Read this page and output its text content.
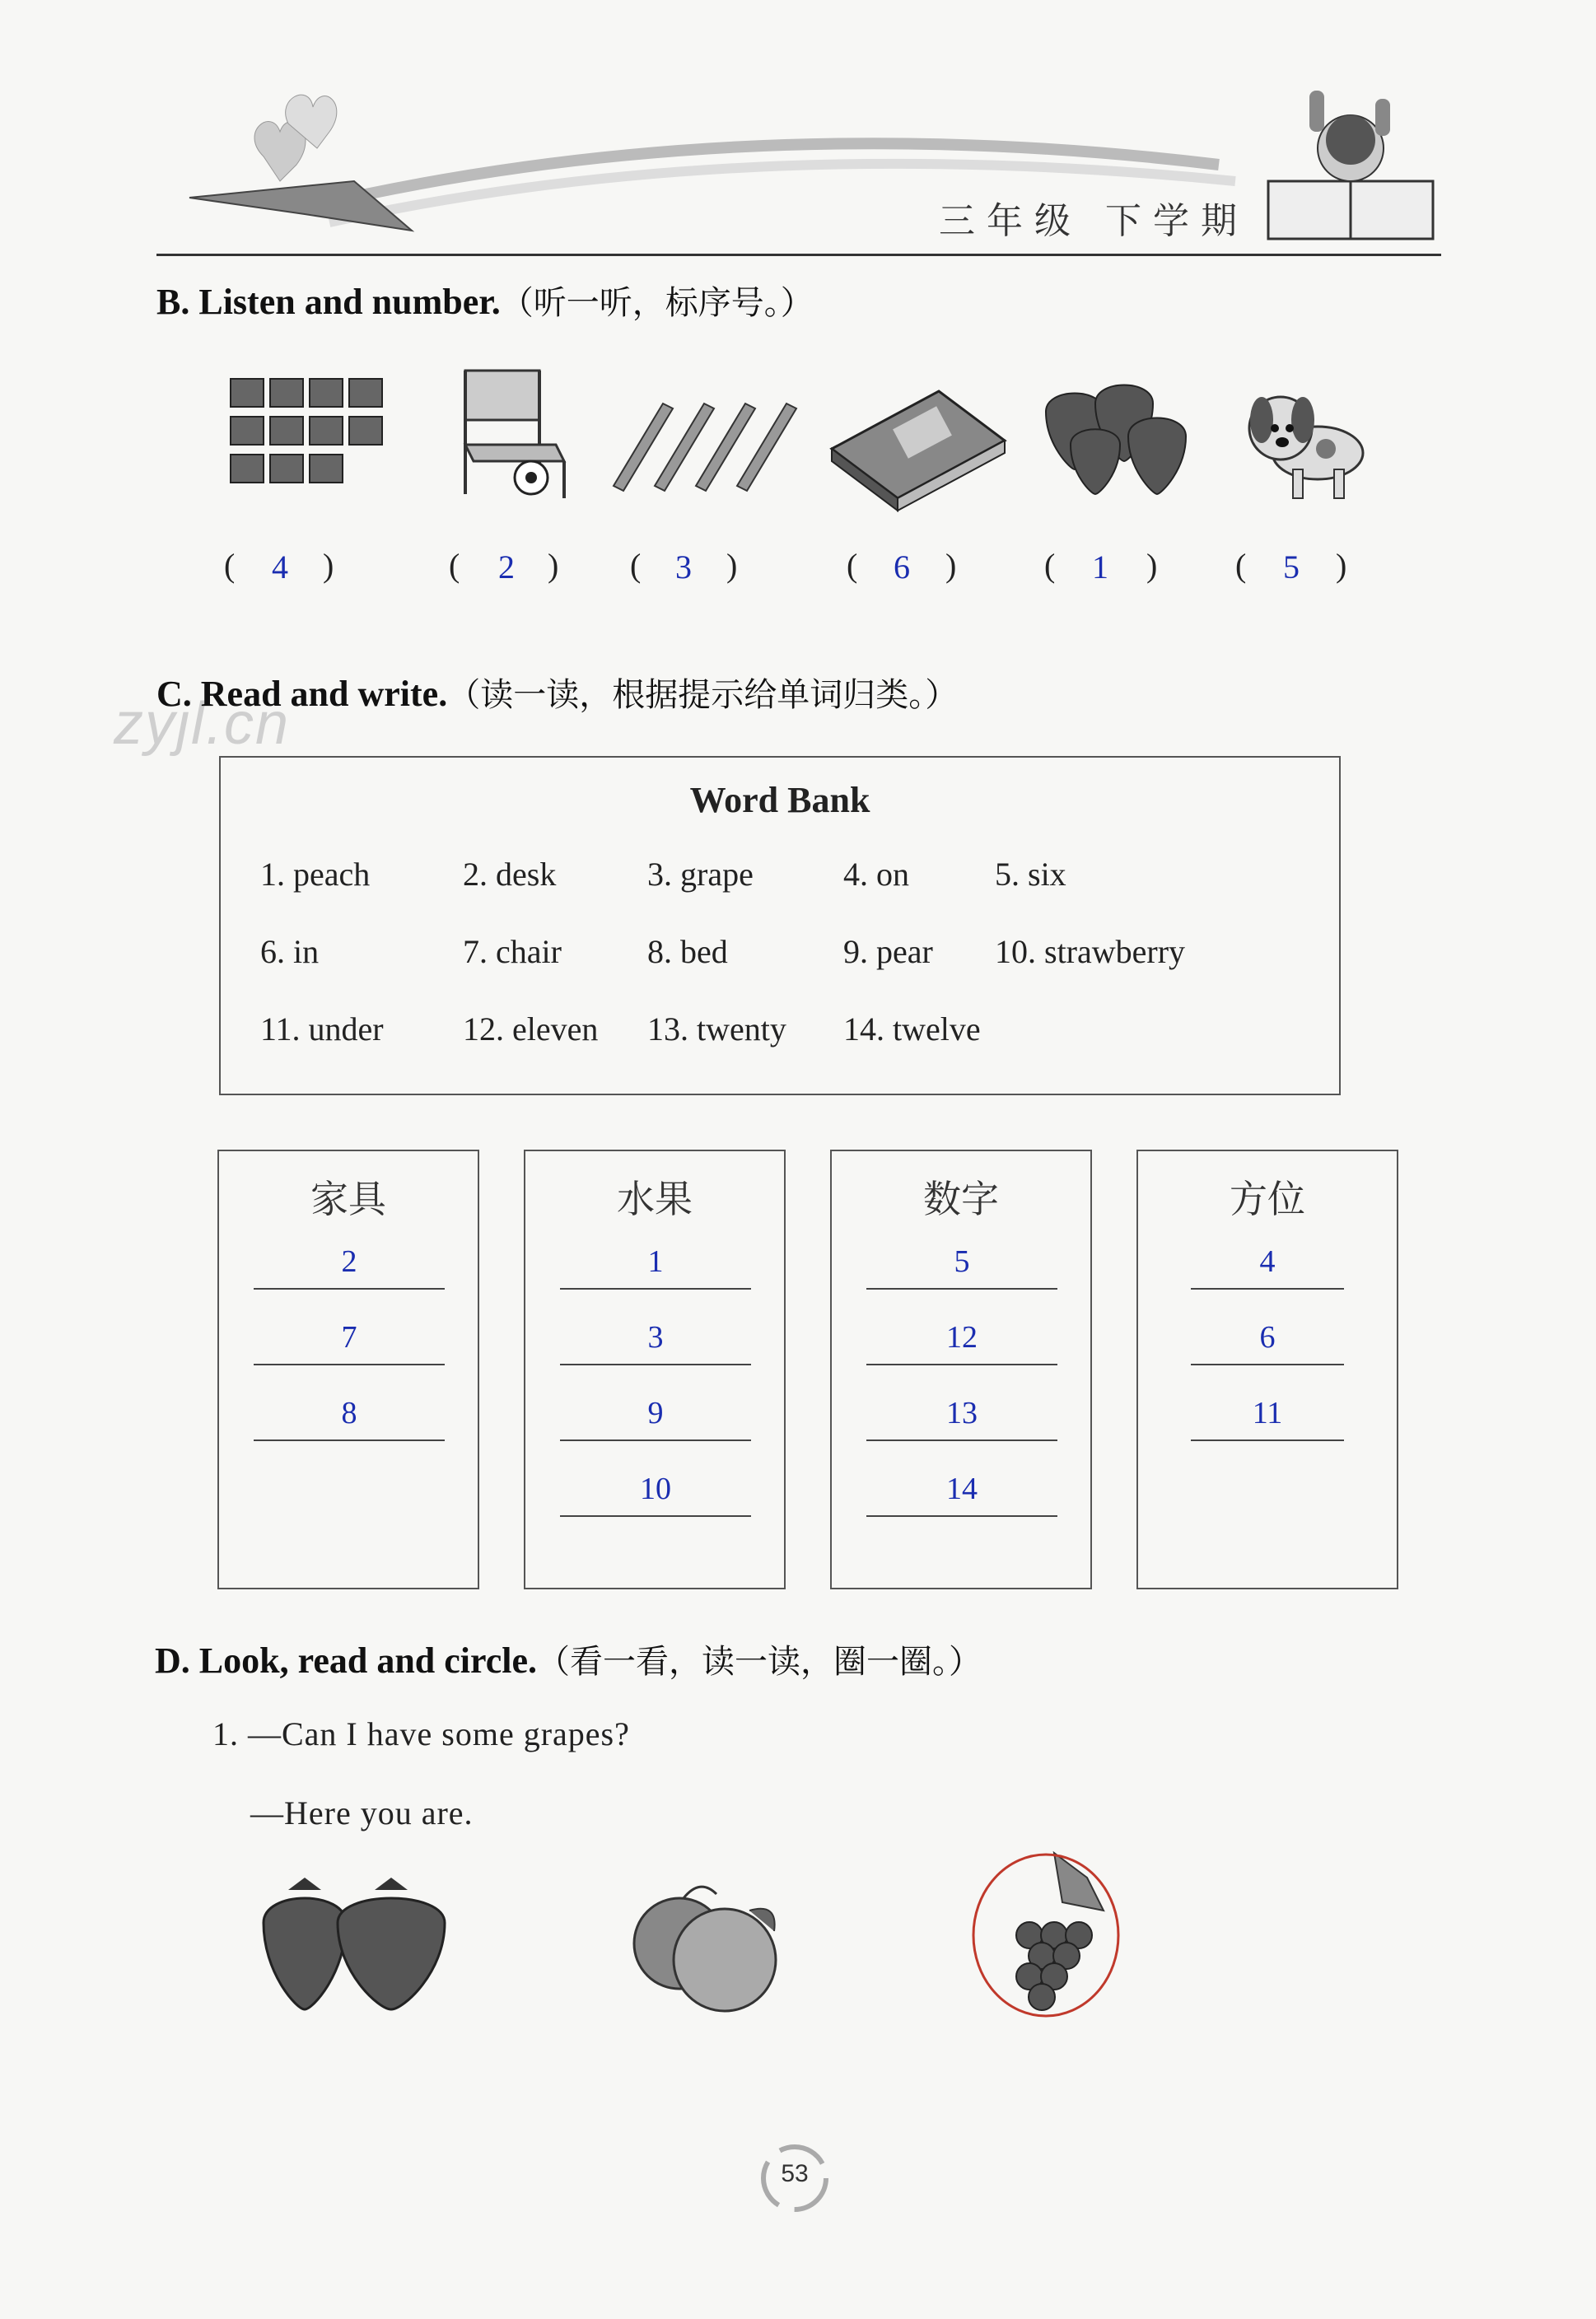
zyjl.cn
三年级 下学期
B. Listen and number.（听一听，标序号。）
(	4	)	(	2	) (	3	)	(	6	)	(	1	) (	5	)
C. Read and write.（读一读，根据提示给单词归类。）
Word Bank
1. peach	2. desk	3. grape	4. on	5. six
6. in	7. chair	8. bed	9. pear 10. strawberry
11. under 12. eleven 13. twenty 14. twelve
家具
2
7
8
水果
1
3
9
10
数字
5
12
13
14
方位
4
6
11
D. Look, read and circle.（看一看，读一读，圈一圈。）
1. —Can I have some grapes?
—Here you are.
53
